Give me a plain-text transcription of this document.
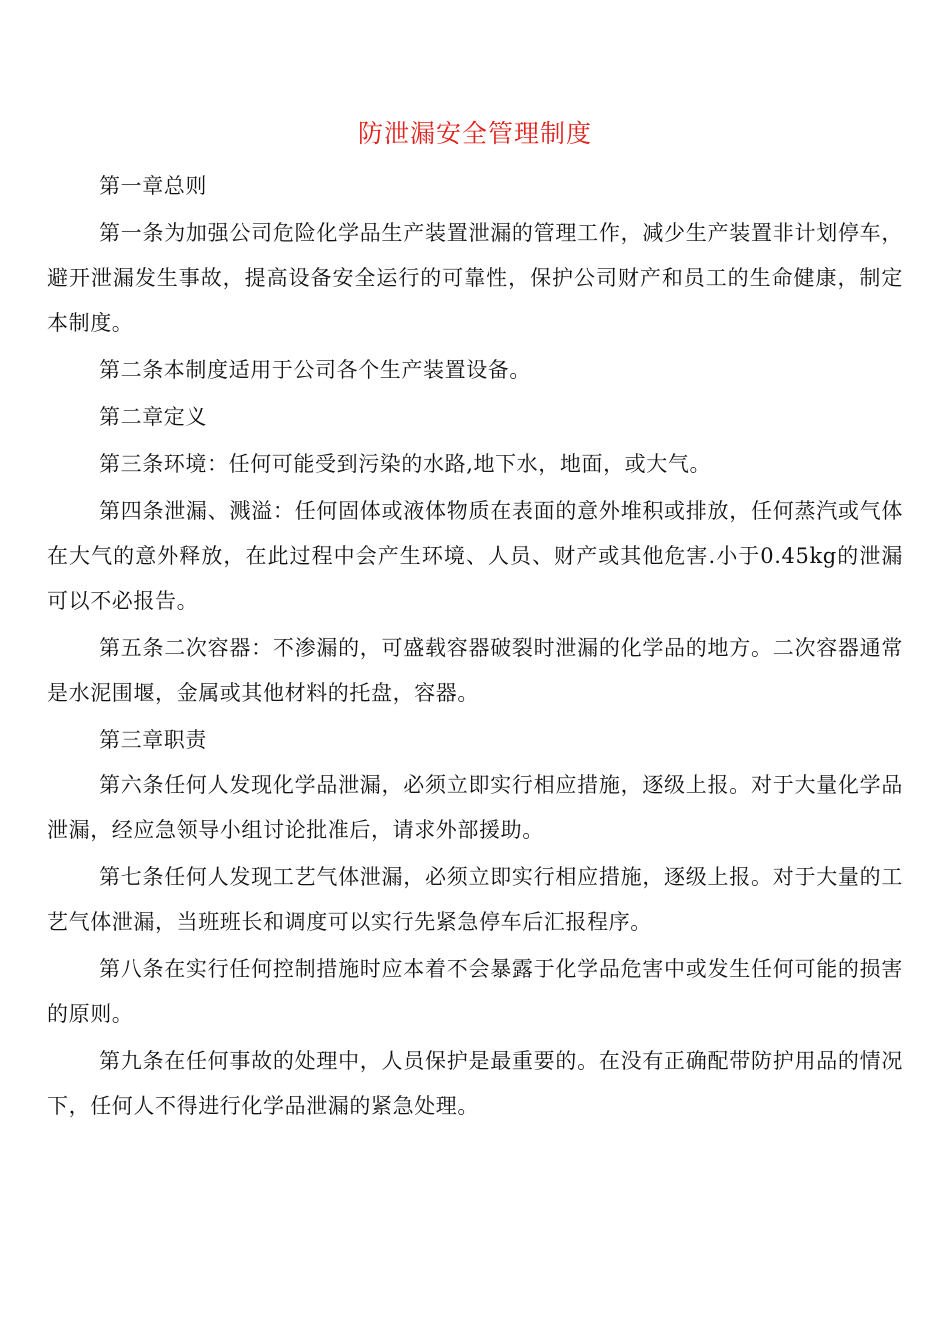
防泄漏安全管理制度

第一章总则

第一条为加强公司危险化学品生产装置泄漏的管理工作，减少生产装置非计划停车，避开泄漏发生事故，提高设备安全运行的可靠性，保护公司财产和员工的生命健康，制定本制度。

第二条本制度适用于公司各个生产装置设备。

第二章定义

第三条环境：任何可能受到污染的水路,地下水，地面，或大气。

第四条泄漏、溅溢：任何固体或液体物质在表面的意外堆积或排放，任何蒸汽或气体在大气的意外释放，在此过程中会产生环境、人员、财产或其他危害.小于0.45kg的泄漏可以不必报告。

第五条二次容器：不渗漏的，可盛载容器破裂时泄漏的化学品的地方。二次容器通常是水泥围堰，金属或其他材料的托盘，容器。

第三章职责

第六条任何人发现化学品泄漏，必须立即实行相应措施，逐级上报。对于大量化学品泄漏，经应急领导小组讨论批准后，请求外部援助。

第七条任何人发现工艺气体泄漏，必须立即实行相应措施，逐级上报。对于大量的工艺气体泄漏，当班班长和调度可以实行先紧急停车后汇报程序。

第八条在实行任何控制措施时应本着不会暴露于化学品危害中或发生任何可能的损害的原则。

第九条在任何事故的处理中，人员保护是最重要的。在没有正确配带防护用品的情况下，任何人不得进行化学品泄漏的紧急处理。
